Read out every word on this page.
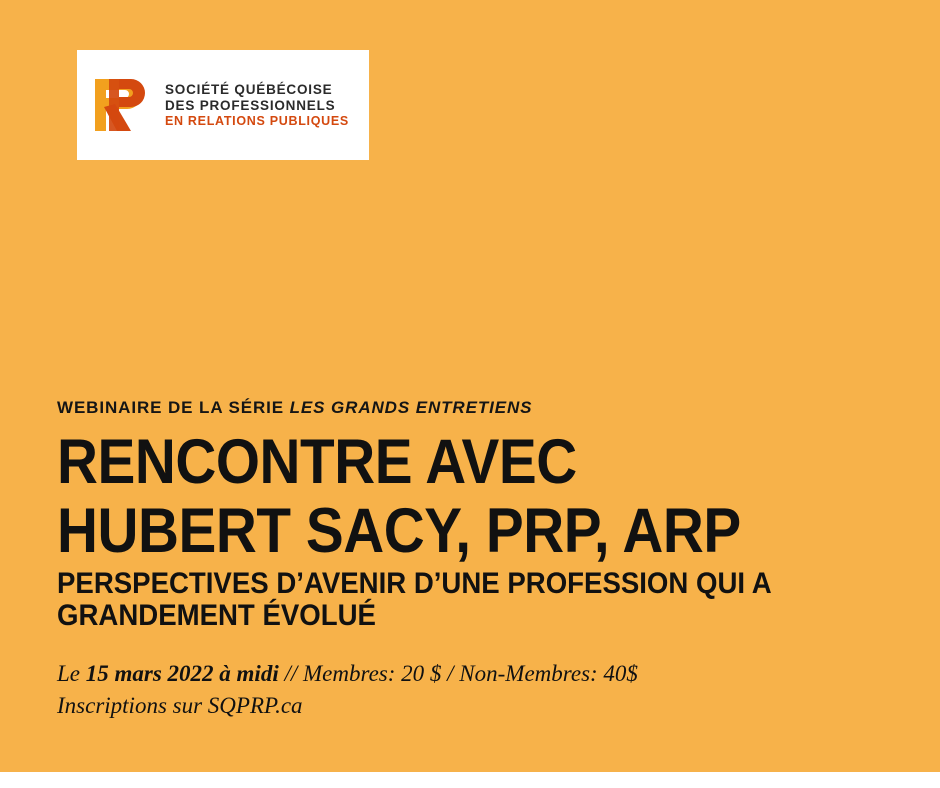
SOCIÉTÉ QUÉBÉCOISE
DES PROFESSIONNELS
EN RELATIONS PUBLIQUES
WEBINAIRE DE LA SÉRIE LES GRANDS ENTRETIENS
RENCONTRE AVEC
HUBERT SACY, PRP, ARP
PERSPECTIVES D’AVENIR D’UNE PROFESSION QUI A GRANDEMENT ÉVOLUÉ
Le 15 mars 2022 à midi // Membres: 20 $ / Non-Membres: 40$
Inscriptions sur SQPRP.ca
